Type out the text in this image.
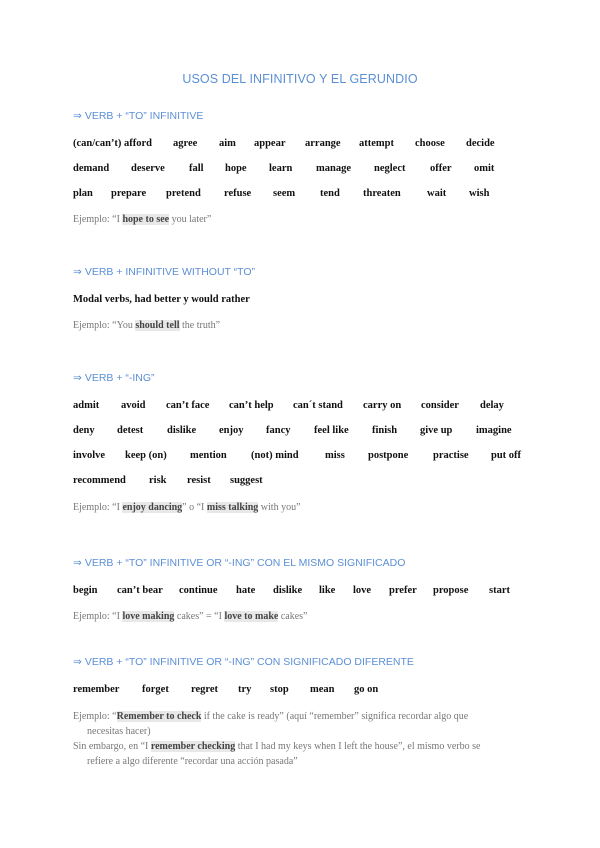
USOS DEL INFINITIVO Y EL GERUNDIO
⇒ VERB + “TO” INFINITIVE
(can/can’t) afford agree aim appear arrange attempt choose decide
demand deserve fall hope learn manage neglect offer omit
plan prepare pretend refuse seem tend threaten	wait wish
Ejemplo: “I hope to see you later”
⇒ VERB + INFINITIVE WITHOUT “TO”
Modal verbs, had better y would rather
Ejemplo: “You should tell the truth”
⇒ VERB + “-ING”
admit avoid can’t face can’t help can´t stand carry on consider delay
deny detest dislike enjoy fancy feel like finish give up imagine
involve keep (on) mention (not) mind	miss postpone practise put off
recommend risk resist suggest
Ejemplo: “I enjoy dancing” o “I miss talking with you”
⇒ VERB + “TO” INFINITIVE OR “-ING” CON EL MISMO SIGNIFICADO
begin can’t bear continue hate dislike like love prefer propose start
Ejemplo: “I love making cakes” = “I love to make cakes”
⇒ VERB + “TO” INFINITIVE OR “-ING” CON SIGNIFICADO DIFERENTE
remember forget regret try stop mean go on
Ejemplo: “Remember to check if the cake is ready” (aquí “remember” significa recordar algo que
necesitas hacer)
Sin embargo, en “I remember checking that I had my keys when I left the house”, el mismo verbo se
refiere a algo diferente “recordar una acción pasada”
